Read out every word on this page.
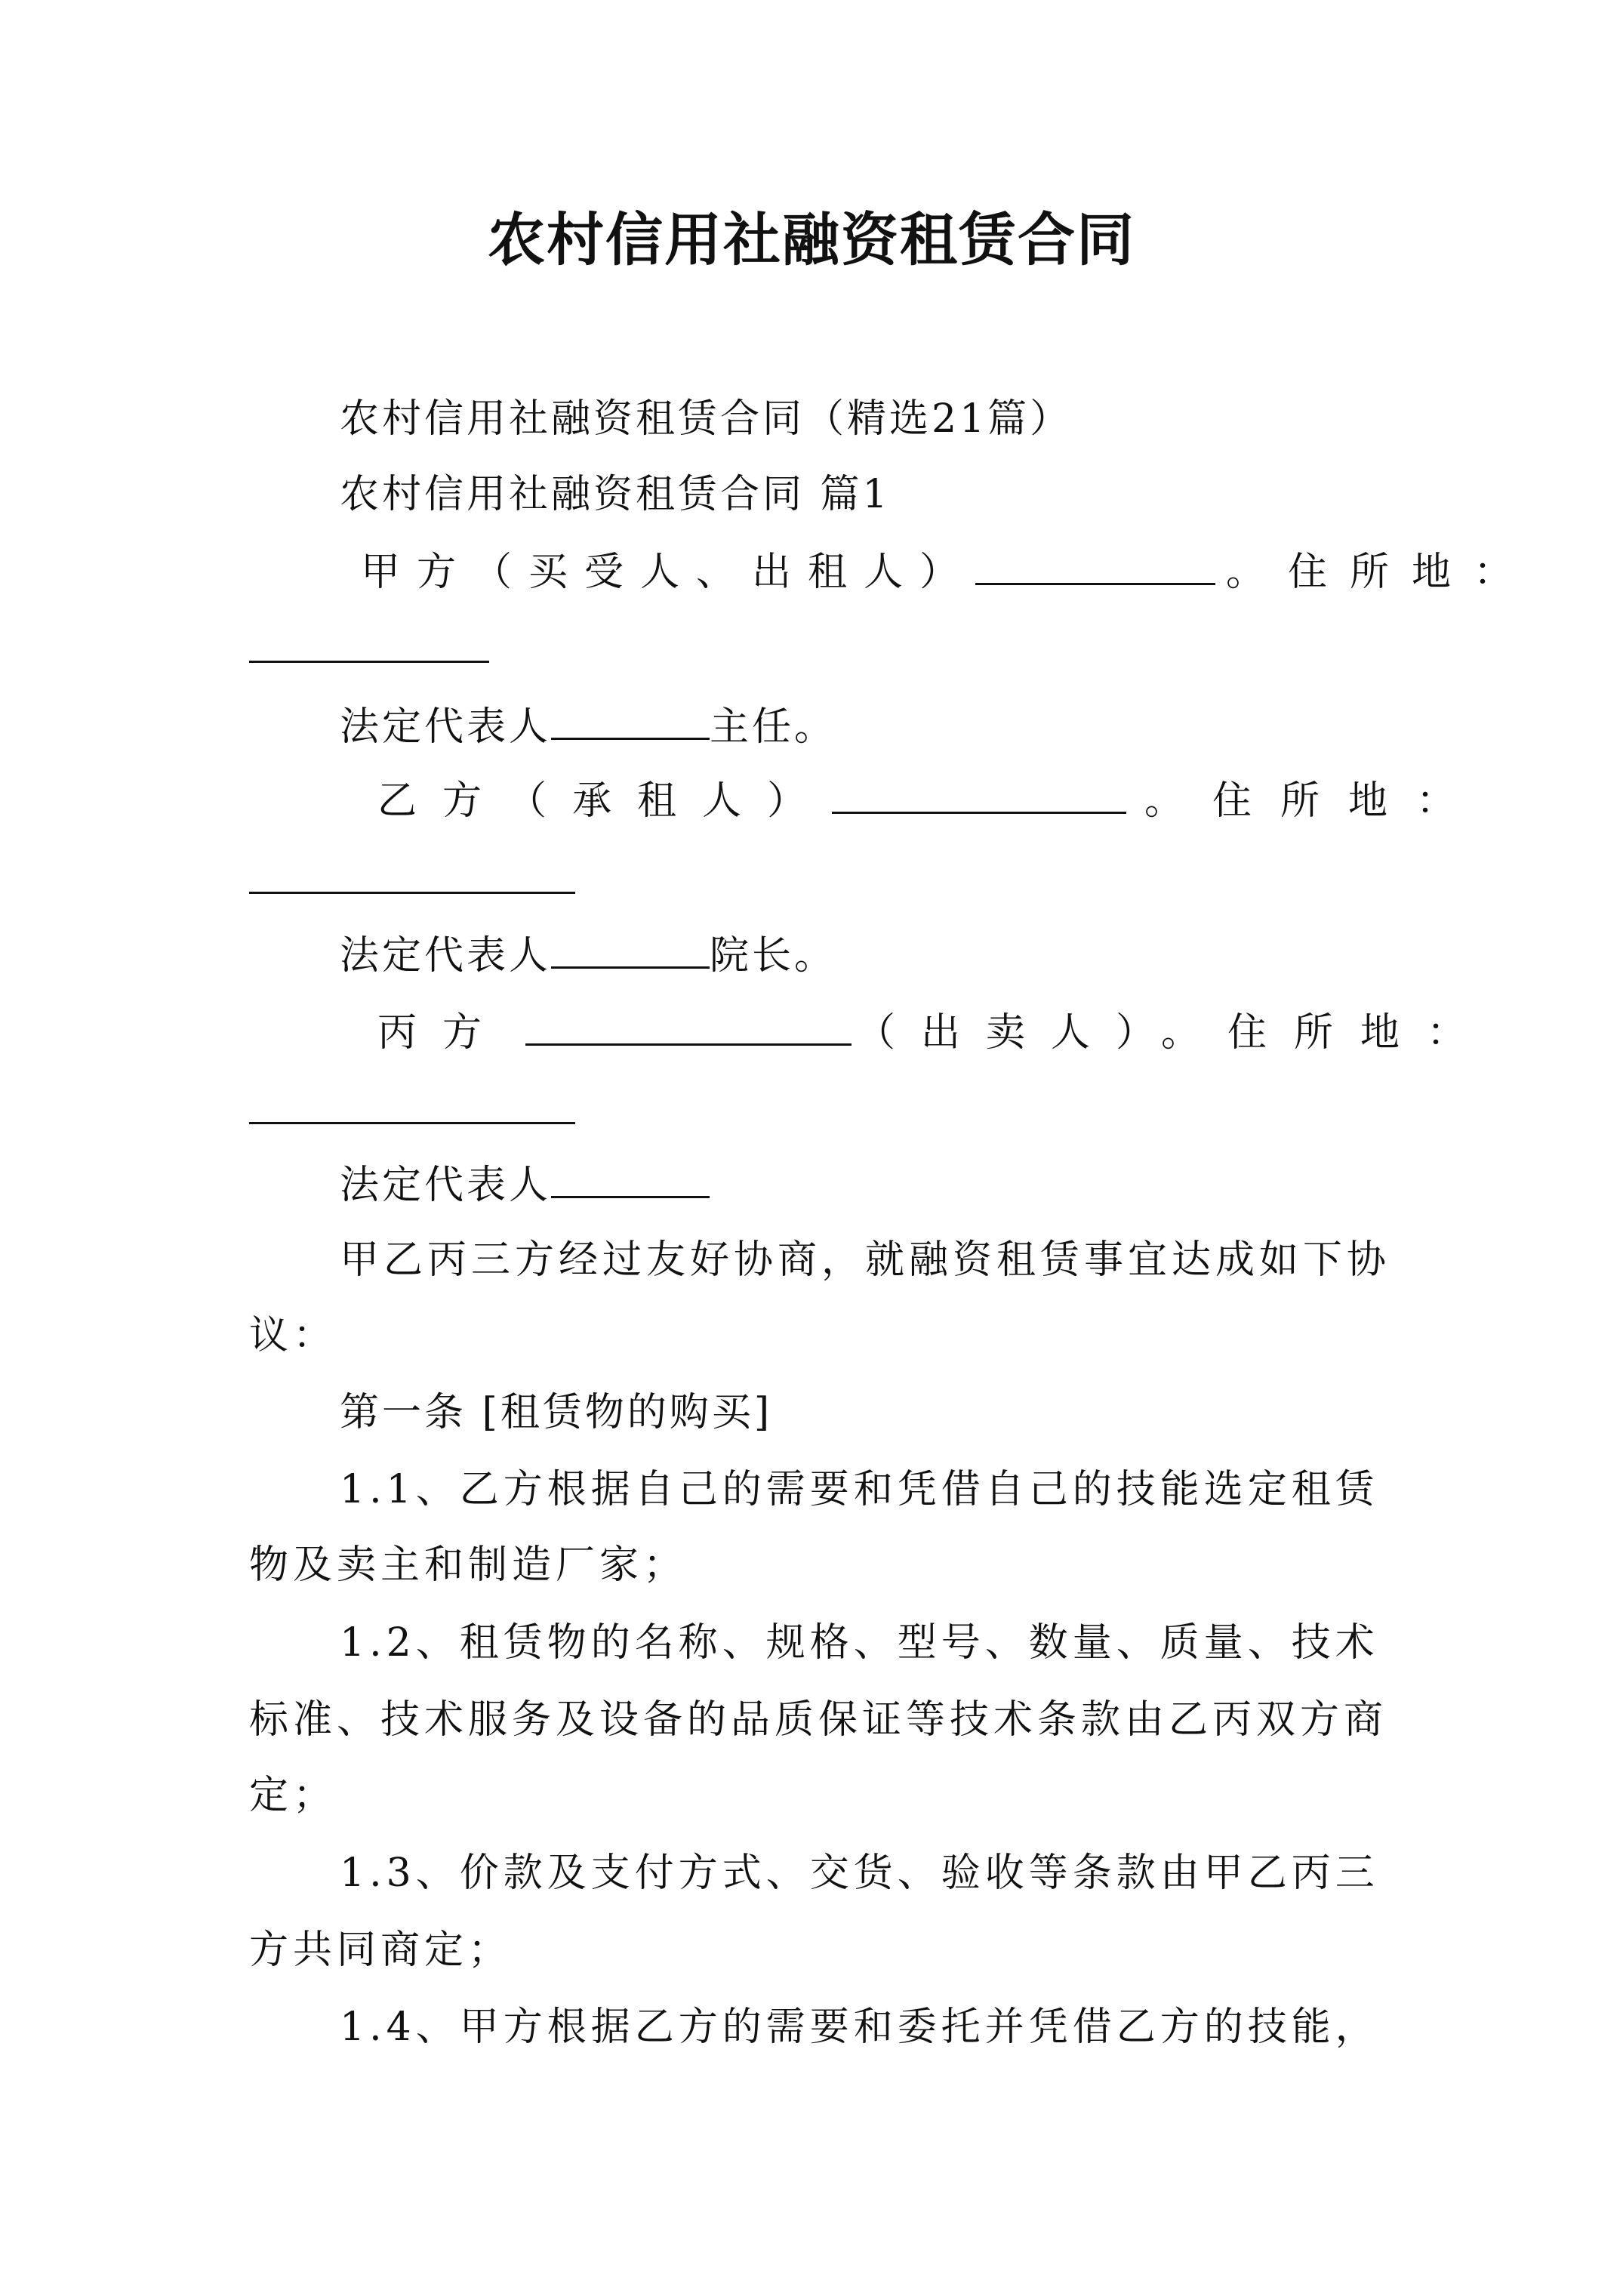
农村信用社融资租赁合同
农村信用社融资租赁合同（精选21篇）
农村信用社融资租赁合同 篇1
甲方（买受人、出租人）	。住所地：
法定代表人	主任。
乙方（承租人）	。住所地：
法定代表人	院长。
丙方	（出卖人）。住所地：
法定代表人
甲乙丙三方经过友好协商，就融资租赁事宜达成如下协
议：
第一条 [租赁物的购买]
1.1、乙方根据自己的需要和凭借自己的技能选定租赁
物及卖主和制造厂家；
1.2、租赁物的名称、规格、型号、数量、质量、技术
标准、技术服务及设备的品质保证等技术条款由乙丙双方商
定；
1.3、价款及支付方式、交货、验收等条款由甲乙丙三
方共同商定；
1.4、甲方根据乙方的需要和委托并凭借乙方的技能，
